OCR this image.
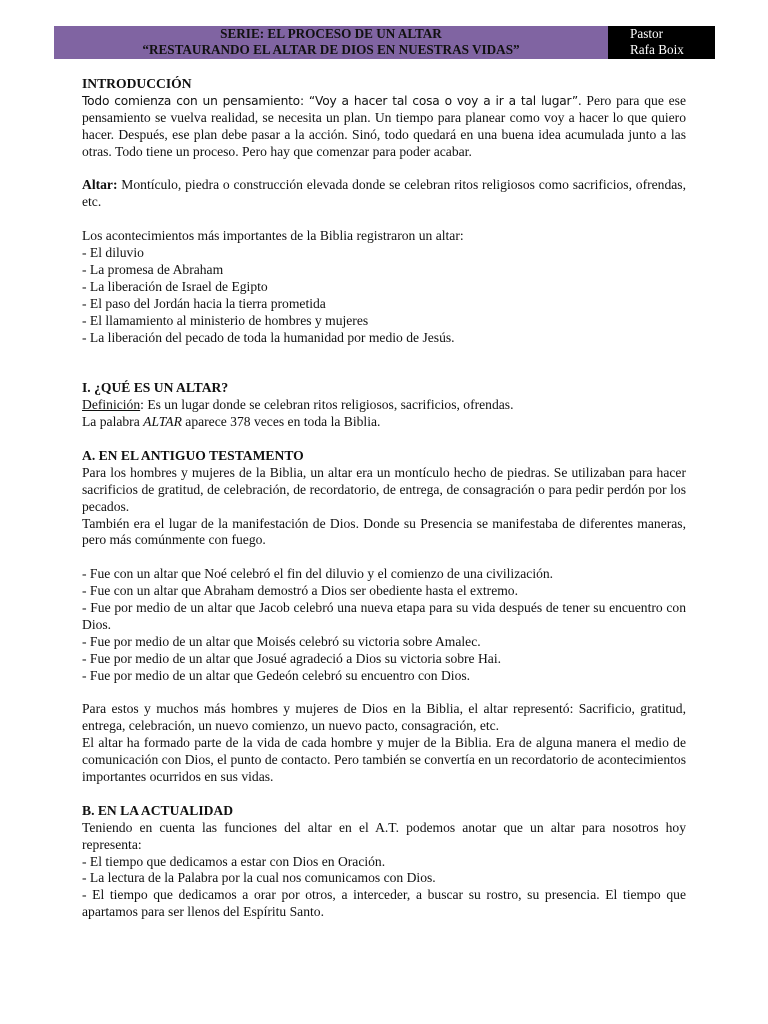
SERIE: EL PROCESO DE UN ALTAR
“RESTAURANDO EL ALTAR DE DIOS EN NUESTRAS VIDAS”
Pastor
Rafa Boix

INTRODUCCIÓN

Todo comienza con un pensamiento: “Voy a hacer tal cosa o voy a ir a tal lugar”. Pero para que ese pensamiento se vuelva realidad, se necesita un plan. Un tiempo para planear como voy a hacer lo que quiero hacer. Después, ese plan debe pasar a la acción. Sinó, todo quedará en una buena idea acumulada junto a las otras. Todo tiene un proceso. Pero hay que comenzar para poder acabar.

Altar: Montículo, piedra o construcción elevada donde se celebran ritos religiosos como sacrificios, ofrendas, etc.

Los acontecimientos más importantes de la Biblia registraron un altar:

- El diluvio
- La promesa de Abraham
- La liberación de Israel de Egipto
- El paso del Jordán hacia la tierra prometida
- El llamamiento al ministerio de hombres y mujeres
- La liberación del pecado de toda la humanidad por medio de Jesús.

I. ¿QUÉ ES UN ALTAR?

Definición: Es un lugar donde se celebran ritos religiosos, sacrificios, ofrendas.

La palabra ALTAR aparece 378 veces en toda la Biblia.

A. EN EL ANTIGUO TESTAMENTO

Para los hombres y mujeres de la Biblia, un altar era un montículo hecho de piedras. Se utilizaban para hacer sacrificios de gratitud, de celebración, de recordatorio, de entrega, de consagración o para pedir perdón por los pecados.

También era el lugar de la manifestación de Dios. Donde su Presencia se manifestaba de diferentes maneras, pero más comúnmente con fuego.

- Fue con un altar que Noé celebró el fin del diluvio y el comienzo de una civilización.
- Fue con un altar que Abraham demostró a Dios ser obediente hasta el extremo.
- Fue por medio de un altar que Jacob celebró una nueva etapa para su vida después de tener su encuentro con Dios.
- Fue por medio de un altar que Moisés celebró su victoria sobre Amalec.
- Fue por medio de un altar que Josué agradeció a Dios su victoria sobre Hai.
- Fue por medio de un altar que Gedeón celebró su encuentro con Dios.

Para estos y muchos más hombres y mujeres de Dios en la Biblia, el altar representó: Sacrificio, gratitud, entrega, celebración, un nuevo comienzo, un nuevo pacto, consagración, etc.

El altar ha formado parte de la vida de cada hombre y mujer de la Biblia. Era de alguna manera el medio de comunicación con Dios, el punto de contacto. Pero también se convertía en un recordatorio de acontecimientos importantes ocurridos en sus vidas.

B. EN LA ACTUALIDAD

Teniendo en cuenta las funciones del altar en el A.T. podemos anotar que un altar para nosotros hoy representa:

- El tiempo que dedicamos a estar con Dios en Oración.
- La lectura de la Palabra por la cual nos comunicamos con Dios.
- El tiempo que dedicamos a orar por otros, a interceder, a buscar su rostro, su presencia. El tiempo que apartamos para ser llenos del Espíritu Santo.
